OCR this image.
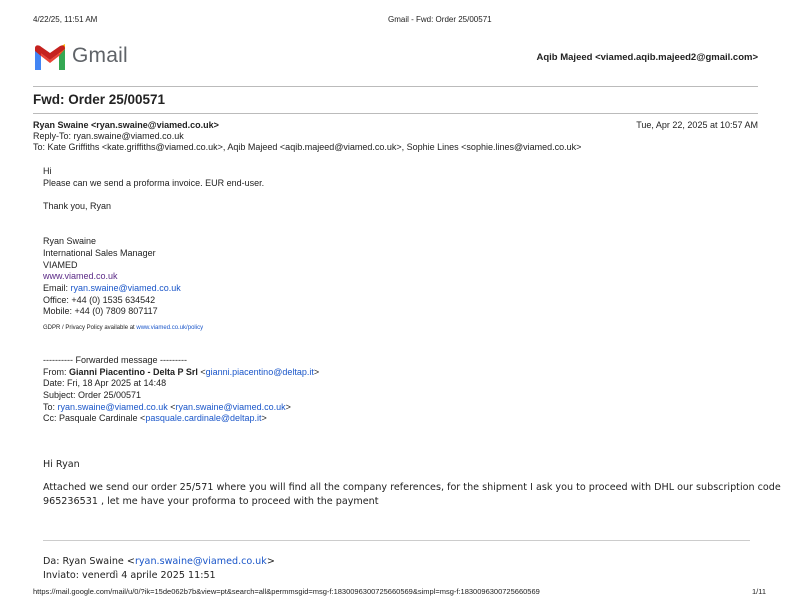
4/22/25, 11:51 AM	Gmail - Fwd: Order 25/00571
Gmail	Aqib Majeed <viamed.aqib.majeed2@gmail.com>
Fwd: Order 25/00571
Ryan Swaine <ryan.swaine@viamed.co.uk>	Tue, Apr 22, 2025 at 10:57 AM
Reply-To: ryan.swaine@viamed.co.uk
To: Kate Griffiths <kate.griffiths@viamed.co.uk>, Aqib Majeed <aqib.majeed@viamed.co.uk>, Sophie Lines <sophie.lines@viamed.co.uk>
Hi
Please can we send a proforma invoice. EUR end-user.
Thank you, Ryan
Ryan Swaine
International Sales Manager
VIAMED
www.viamed.co.uk
Email: ryan.swaine@viamed.co.uk
Office: +44 (0) 1535 634542
Mobile: +44 (0) 7809 807117
GDPR / Privacy Policy available at www.viamed.co.uk/policy
---------- Forwarded message ---------
From: Gianni Piacentino - Delta P Srl <gianni.piacentino@deltap.it>
Date: Fri, 18 Apr 2025 at 14:48
Subject: Order 25/00571
To: ryan.swaine@viamed.co.uk <ryan.swaine@viamed.co.uk>
Cc: Pasquale Cardinale <pasquale.cardinale@deltap.it>
Hi Ryan
Attached we send our order 25/571 where you will find all the company references, for the shipment I ask you to proceed with DHL our subscription code
965236531 , let me have your proforma to proceed with the payment
Da: Ryan Swaine <ryan.swaine@viamed.co.uk>
Inviato: venerdì 4 aprile 2025 11:51
https://mail.google.com/mail/u/0/?ik=15de062b7b&view=pt&search=all&permmsgid=msg-f:1830096300725660569&simpl=msg-f:1830096300725660569	1/11
